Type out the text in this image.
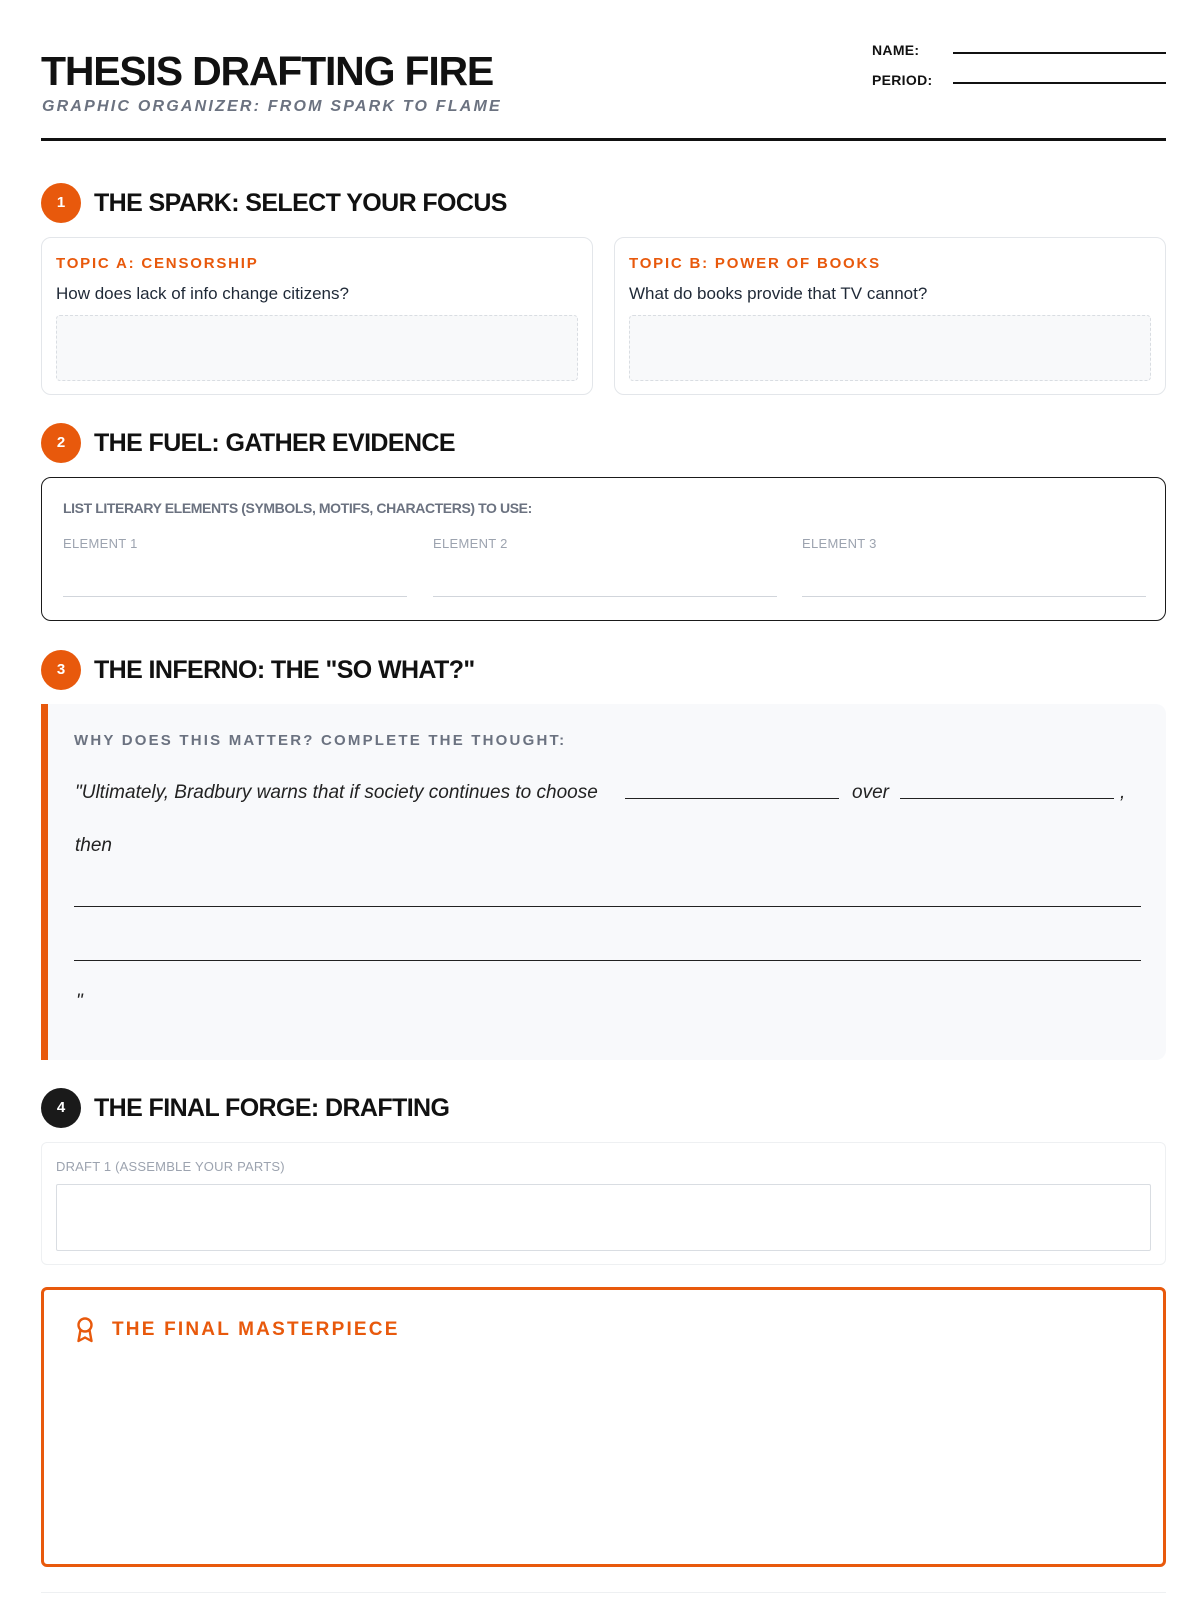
THESIS DRAFTING FIRE
GRAPHIC ORGANIZER: FROM SPARK TO FLAME
NAME:
PERIOD:
1	THE SPARK: SELECT YOUR FOCUS
TOPIC A: CENSORSHIP
How does lack of info change citizens?
TOPIC B: POWER OF BOOKS
What do books provide that TV cannot?
2	THE FUEL: GATHER EVIDENCE
LIST LITERARY ELEMENTS (SYMBOLS, MOTIFS, CHARACTERS) TO USE:
ELEMENT 1	ELEMENT 2	ELEMENT 3
3	THE INFERNO: THE "SO WHAT?"
WHY DOES THIS MATTER? COMPLETE THE THOUGHT:
"Ultimately, Bradbury warns that if society continues to choose	over	,
then
"
4	THE FINAL FORGE: DRAFTING
DRAFT 1 (ASSEMBLE YOUR PARTS)
THE FINAL MASTERPIECE
